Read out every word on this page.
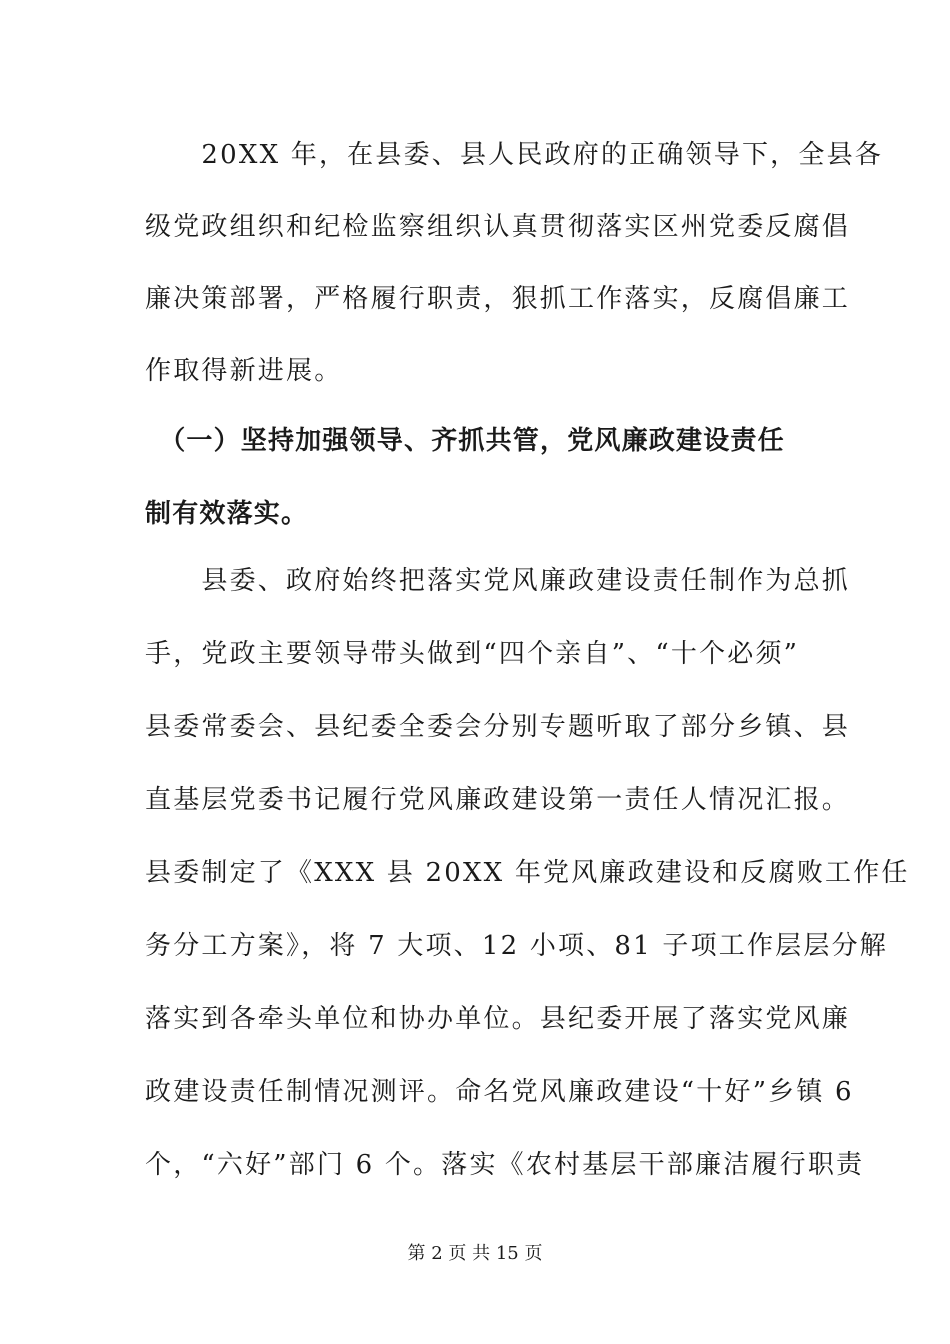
　　20XX 年，在县委、县人民政府的正确领导下，全县各
级党政组织和纪检监察组织认真贯彻落实区州党委反腐倡
廉决策部署，严格履行职责，狠抓工作落实，反腐倡廉工
作取得新进展。
　（一）坚持加强领导、齐抓共管，党风廉政建设责任
制有效落实。
　　县委、政府始终把落实党风廉政建设责任制作为总抓
手，党政主要领导带头做到“四个亲自”、“十个必须”
县委常委会、县纪委全委会分别专题听取了部分乡镇、县
直基层党委书记履行党风廉政建设第一责任人情况汇报。
县委制定了《XXX 县 20XX 年党风廉政建设和反腐败工作任
务分工方案》，将 7 大项、12 小项、81 子项工作层层分解
落实到各牵头单位和协办单位。县纪委开展了落实党风廉
政建设责任制情况测评。命名党风廉政建设“十好”乡镇 6
个，“六好”部门 6 个。落实《农村基层干部廉洁履行职责
第 2 页 共 15 页
